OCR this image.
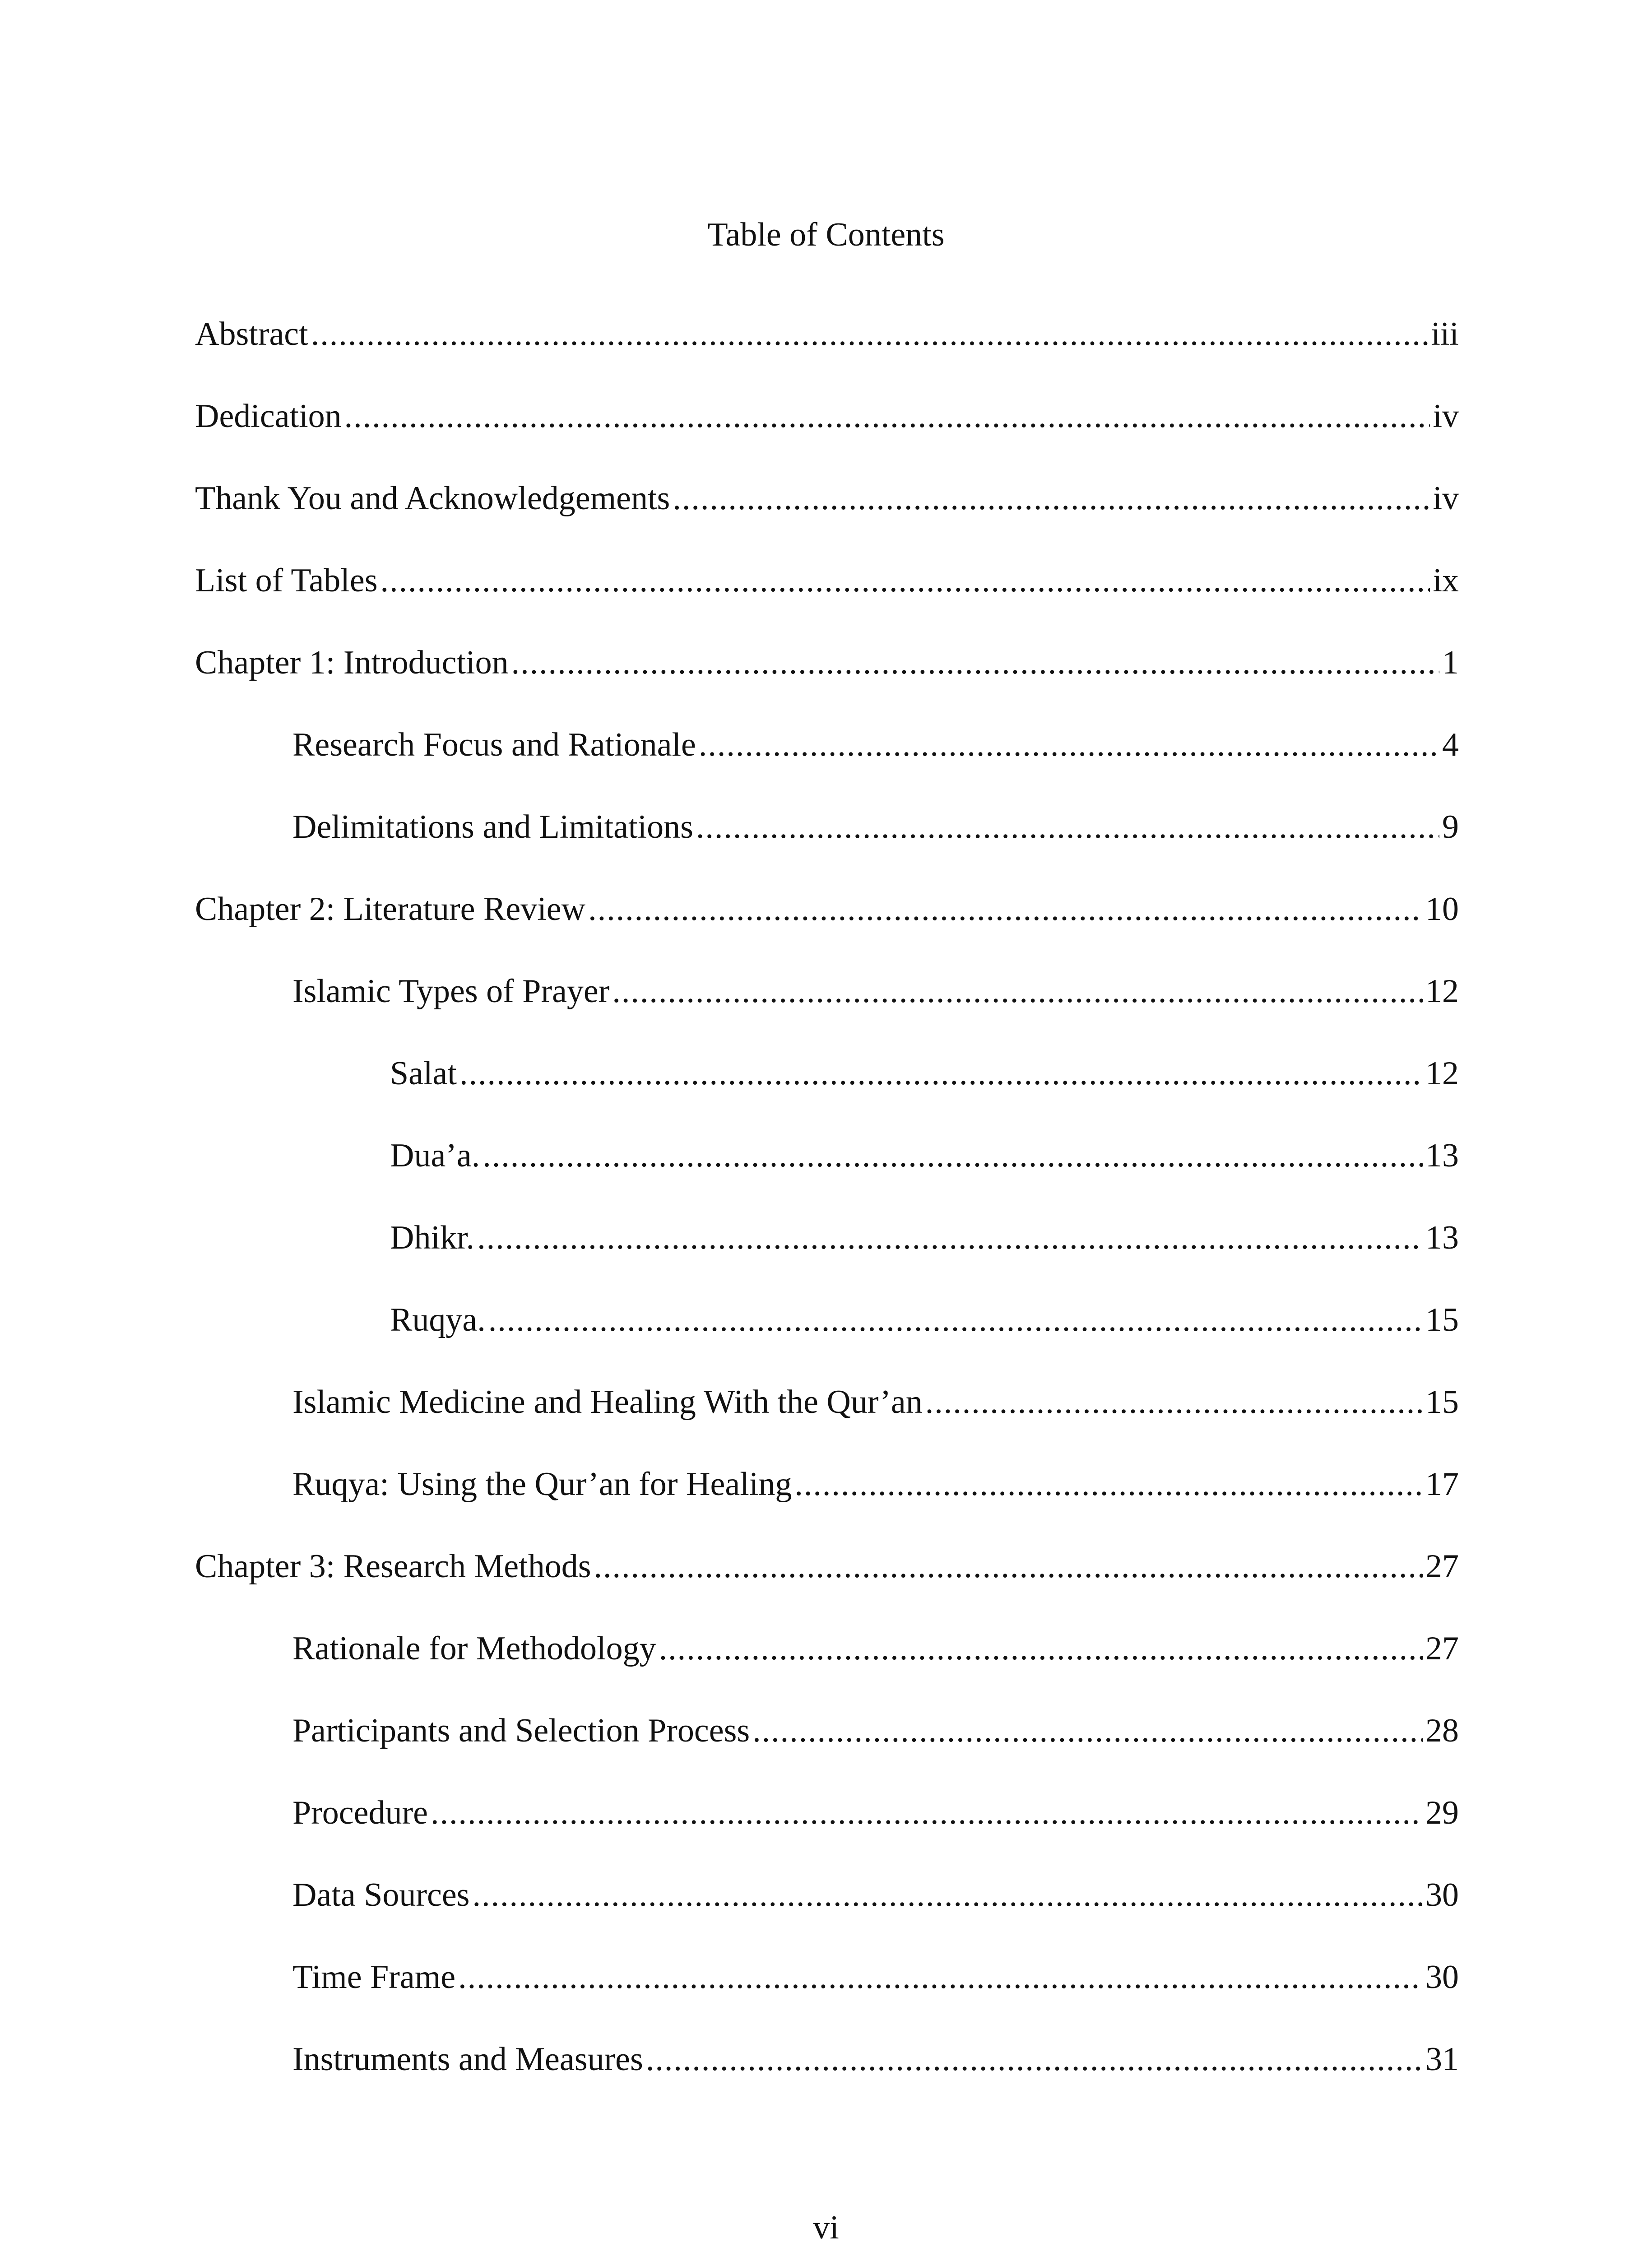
Table of Contents
Abstract .....	iii
Dedication .....	iv
Thank You and Acknowledgements .....	iv
List of Tables .....	ix
Chapter 1: Introduction .....	1
Research Focus and Rationale .....	4
Delimitations and Limitations .....	9
Chapter 2: Literature Review .....	10
Islamic Types of Prayer .....	12
Salat .....	12
Dua’a. .....	13
Dhikr. .....	13
Ruqya. .....	15
Islamic Medicine and Healing With the Qur’an .....	15
Ruqya: Using the Qur’an for Healing .....	17
Chapter 3: Research Methods .....	27
Rationale for Methodology .....	27
Participants and Selection Process .....	28
Procedure .....	29
Data Sources .....	30
Time Frame .....	30
Instruments and Measures .....	31
vi
